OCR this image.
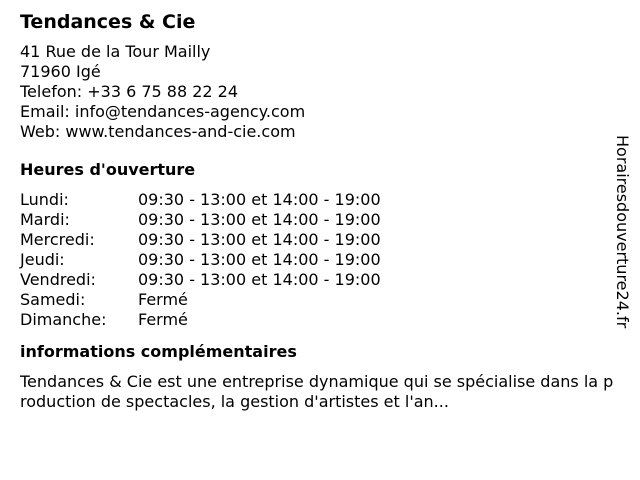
Tendances & Cie
41 Rue de la Tour Mailly
71960 Igé
Telefon: +33 6 75 88 22 24
Email: info@tendances-agency.com
Web: www.tendances-and-cie.com
Heures d'ouverture
Lundi:	09:30 - 13:00 et 14:00 - 19:00
Mardi:	09:30 - 13:00 et 14:00 - 19:00
Mercredi:	09:30 - 13:00 et 14:00 - 19:00
Jeudi:	09:30 - 13:00 et 14:00 - 19:00
Vendredi:	09:30 - 13:00 et 14:00 - 19:00
Samedi:	Fermé
Dimanche:	Fermé
informations complémentaires

Tendances & Cie est une entreprise dynamique qui se spécialise dans la production de spectacles, la gestion d'artistes et l'an...

Horairesdouverture24.fr
